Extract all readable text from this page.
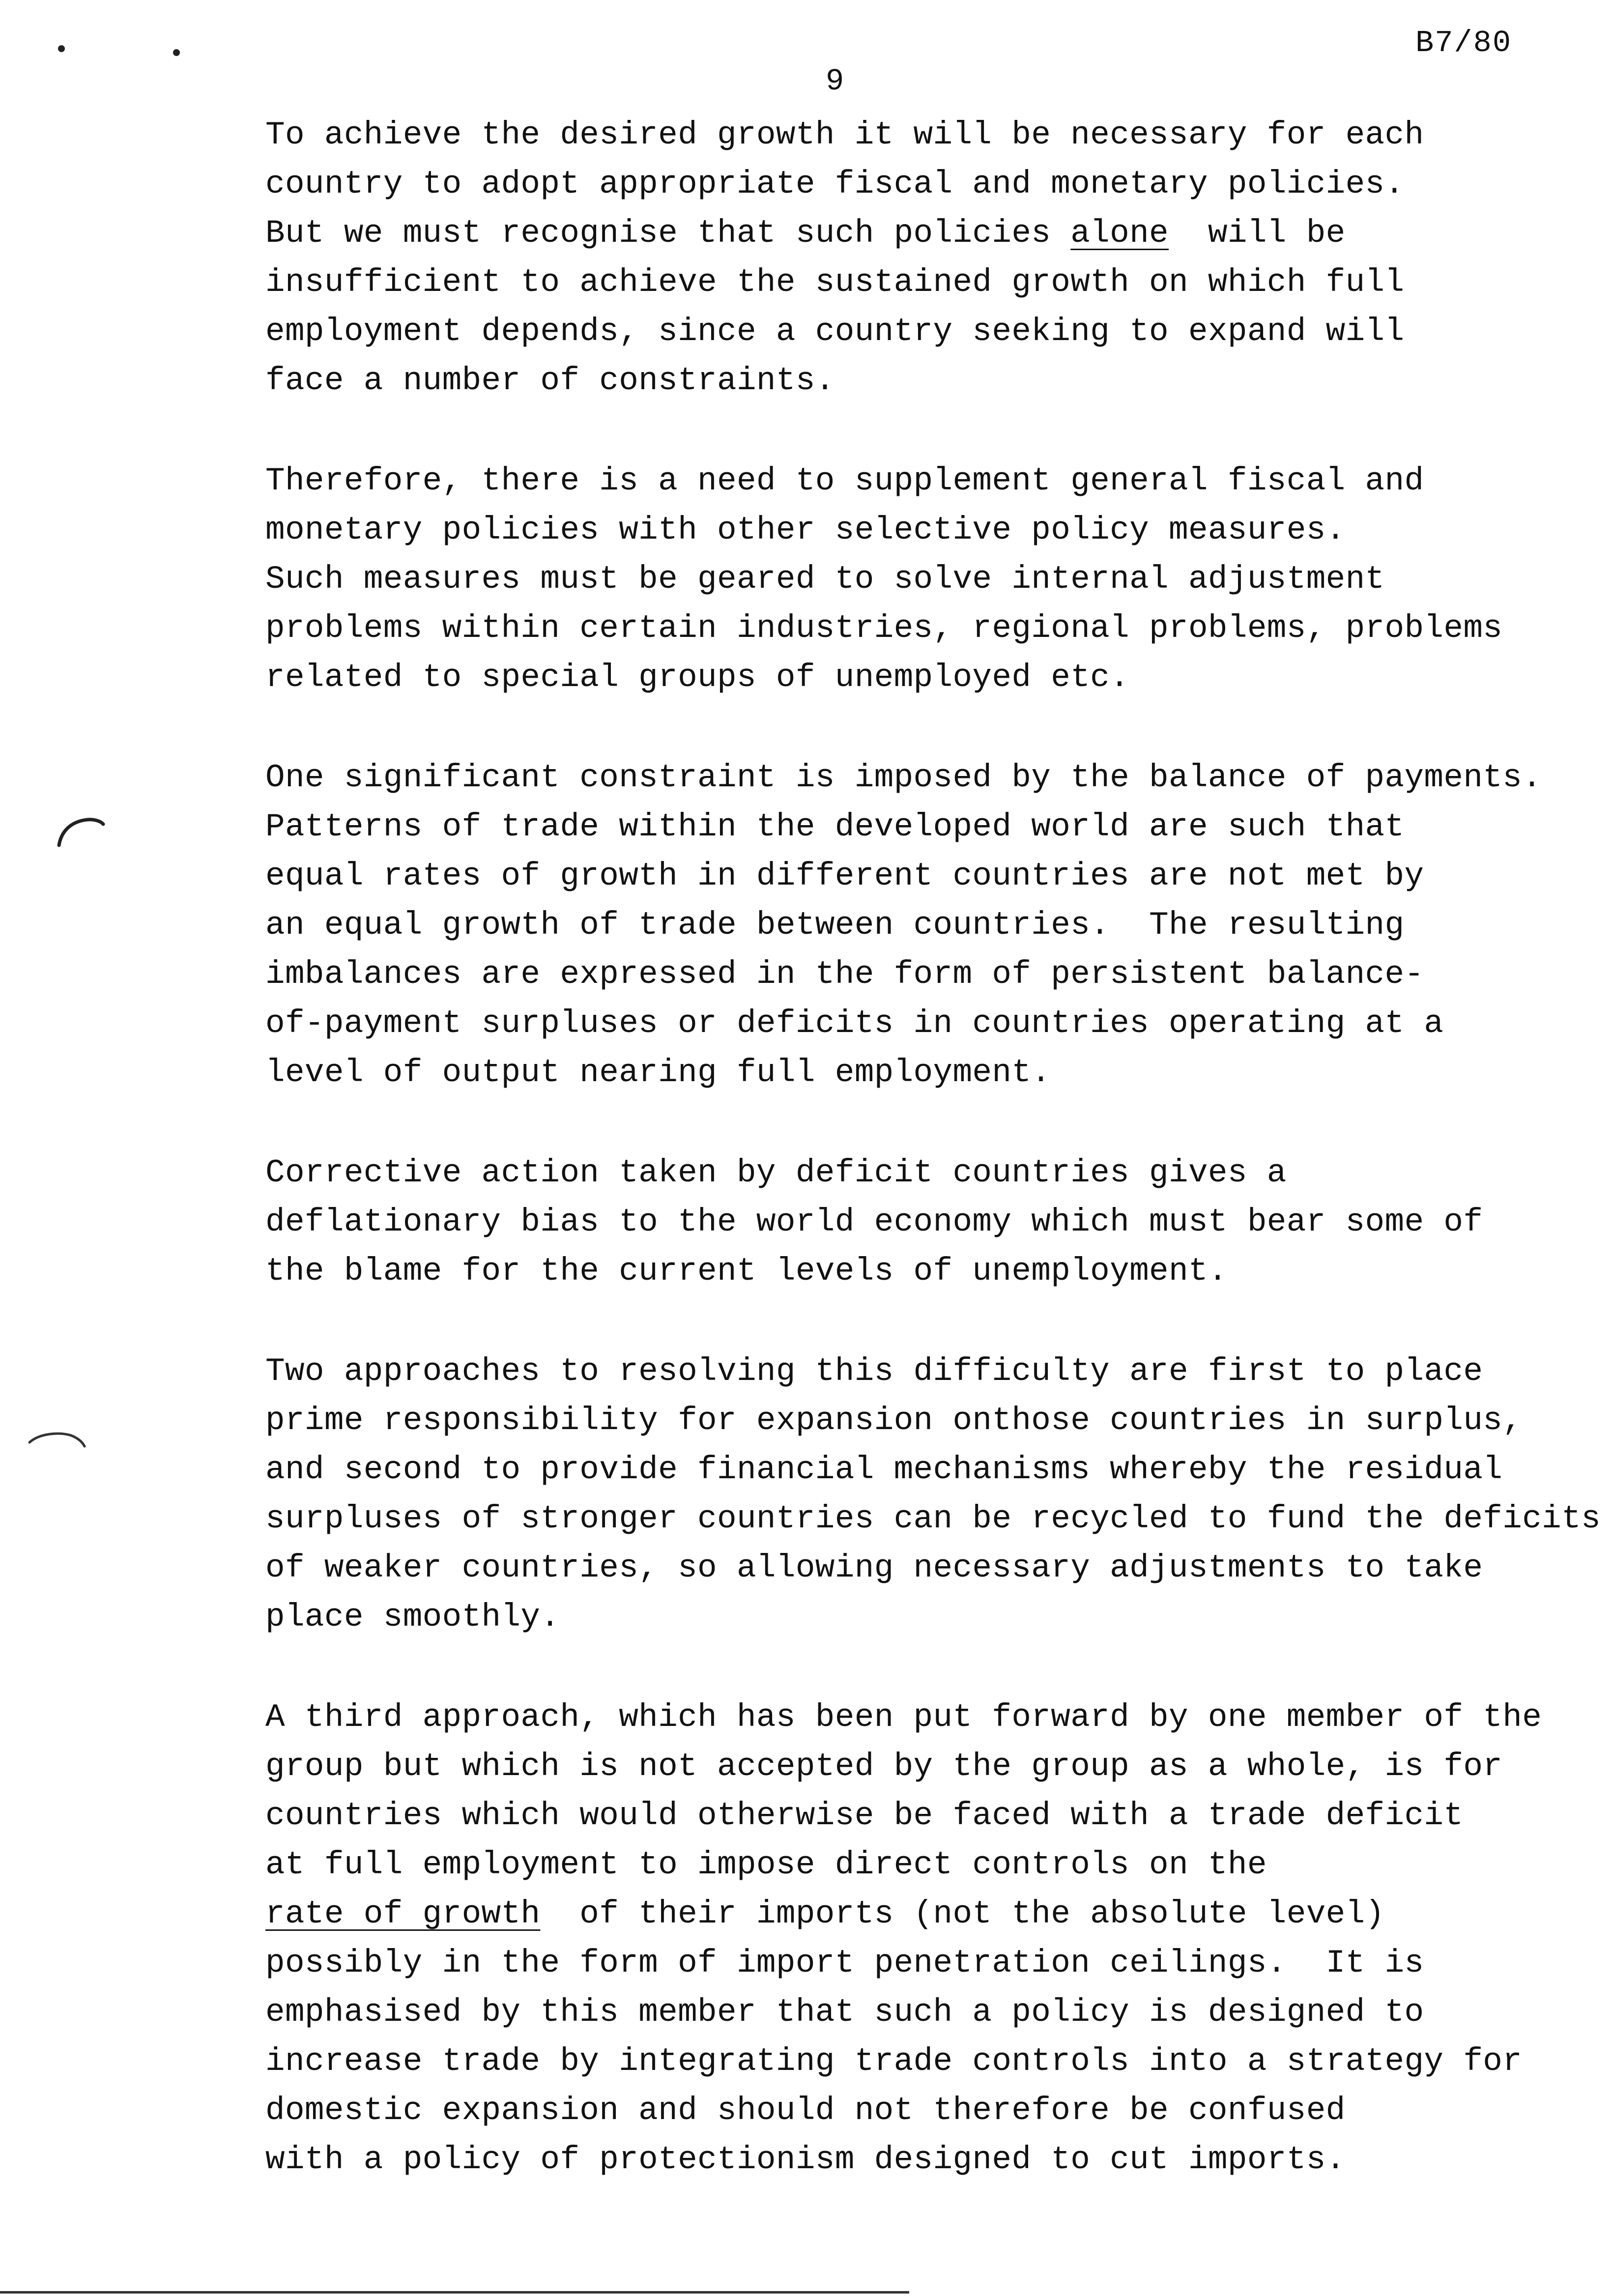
B7/80
9
To achieve the desired growth it will be necessary for each
country to adopt appropriate fiscal and monetary policies.
But we must recognise that such policies alone  will be
insufficient to achieve the sustained growth on which full
employment depends, since a country seeking to expand will
face a number of constraints.
Therefore, there is a need to supplement general fiscal and
monetary policies with other selective policy measures.
Such measures must be geared to solve internal adjustment
problems within certain industries, regional problems, problems
related to special groups of unemployed etc.
One significant constraint is imposed by the balance of payments.
Patterns of trade within the developed world are such that
equal rates of growth in different countries are not met by
an equal growth of trade between countries.  The resulting
imbalances are expressed in the form of persistent balance-
of-payment surpluses or deficits in countries operating at a
level of output nearing full employment.
Corrective action taken by deficit countries gives a
deflationary bias to the world economy which must bear some of
the blame for the current levels of unemployment.
Two approaches to resolving this difficulty are first to place
prime responsibility for expansion onthose countries in surplus,
and second to provide financial mechanisms whereby the residual
surpluses of stronger countries can be recycled to fund the deficits
of weaker countries, so allowing necessary adjustments to take
place smoothly.
A third approach, which has been put forward by one member of the
group but which is not accepted by the group as a whole, is for
countries which would otherwise be faced with a trade deficit
at full employment to impose direct controls on the
rate of growth  of their imports (not the absolute level)
possibly in the form of import penetration ceilings.  It is
emphasised by this member that such a policy is designed to
increase trade by integrating trade controls into a strategy for
domestic expansion and should not therefore be confused
with a policy of protectionism designed to cut imports.
